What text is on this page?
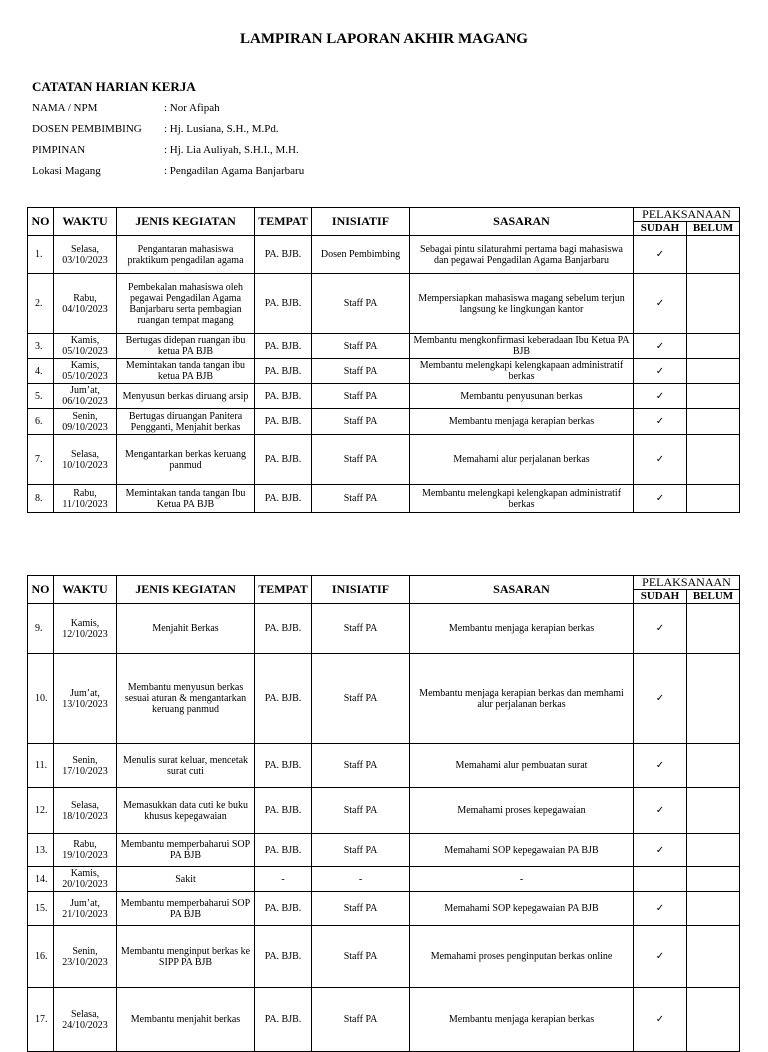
LAMPIRAN LAPORAN AKHIR MAGANG
CATATAN HARIAN KERJA
NAMA / NPM	: Nor Afipah
DOSEN PEMBIMBING	: Hj. Lusiana, S.H., M.Pd.
PIMPINAN	: Hj. Lia Auliyah, S.H.I., M.H.
Lokasi Magang	: Pengadilan Agama Banjarbaru
NO	WAKTU	JENIS KEGIATAN	TEMPAT	INISIATIF	SASARAN	PELAKSANAAN	
						SUDAH	BELUM
1.	Selasa,
03/10/2023	Pengantaran mahasiswa praktikum pengadilan agama	PA. BJB.	Dosen Pembimbing	Sebagai pintu silaturahmi pertama bagi mahasiswa dan pegawai Pengadilan Agama Banjarbaru	✓	
2.	Rabu,
04/10/2023	Pembekalan mahasiswa oleh pegawai Pengadilan Agama Banjarbaru serta pembagian ruangan tempat magang	PA. BJB.	Staff PA	Mempersiapkan mahasiswa magang sebelum terjun langsung ke lingkungan kantor	✓	
3.	Kamis,
05/10/2023	Bertugas didepan ruangan ibu ketua PA BJB	PA. BJB.	Staff PA	Membantu mengkonfirmasi keberadaan Ibu Ketua PA BJB	✓	
4.	Kamis,
05/10/2023	Memintakan tanda tangan ibu ketua PA BJB	PA. BJB.	Staff PA	Membantu melengkapi kelengkapaan administratif berkas	✓	
5.	Jum’at,
06/10/2023	Menyusun berkas diruang arsip	PA. BJB.	Staff PA	Membantu penyusunan berkas	✓	
6.	Senin,
09/10/2023	Bertugas diruangan Panitera Pengganti, Menjahit berkas	PA. BJB.	Staff PA	Membantu menjaga kerapian berkas	✓	
7.	Selasa,
10/10/2023	Mengantarkan berkas keruang panmud	PA. BJB.	Staff PA	Memahami alur perjalanan berkas	✓	
8.	Rabu,
11/10/2023	Memintakan tanda tangan Ibu Ketua PA BJB	PA. BJB.	Staff PA	Membantu melengkapi kelengkapan administratif berkas	✓	
NO	WAKTU	JENIS KEGIATAN	TEMPAT	INISIATIF	SASARAN	PELAKSANAAN	
						SUDAH	BELUM
9.	Kamis,
12/10/2023	Menjahit Berkas	PA. BJB.	Staff PA	Membantu menjaga kerapian berkas	✓	
10.	Jum’at,
13/10/2023	Membantu menyusun berkas sesuai aturan & mengantarkan keruang panmud	PA. BJB.	Staff PA	Membantu menjaga kerapian berkas dan memhami alur perjalanan berkas	✓	
11.	Senin,
17/10/2023	Menulis surat keluar, mencetak surat cuti	PA. BJB.	Staff PA	Memahami alur pembuatan surat	✓	
12.	Selasa,
18/10/2023	Memasukkan data cuti ke buku khusus kepegawaian	PA. BJB.	Staff PA	Memahami proses kepegawaian	✓	
13.	Rabu,
19/10/2023	Membantu memperbaharui SOP PA BJB	PA. BJB.	Staff PA	Memahami SOP kepegawaian PA BJB	✓	
14.	Kamis,
20/10/2023	Sakit	-	-	-		
15.	Jum’at,
21/10/2023	Membantu memperbaharui SOP PA BJB	PA. BJB.	Staff PA	Memahami SOP kepegawaian PA BJB	✓	
16.	Senin,
23/10/2023	Membantu menginput berkas ke SIPP PA BJB	PA. BJB.	Staff PA	Memahami proses penginputan berkas online	✓	
17.	Selasa,
24/10/2023	Membantu menjahit berkas	PA. BJB.	Staff PA	Membantu menjaga kerapian berkas	✓	
